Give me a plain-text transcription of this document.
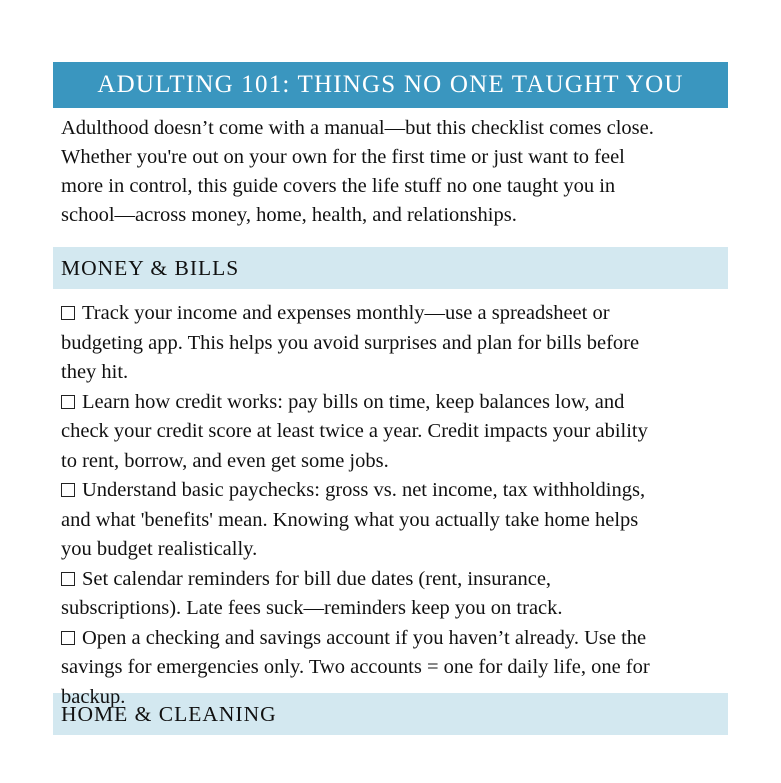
ADULTING 101: THINGS NO ONE TAUGHT YOU
Adulthood doesn’t come with a manual—but this checklist comes close.
Whether you're out on your own for the first time or just want to feel
more in control, this guide covers the life stuff no one taught you in
school—across money, home, health, and relationships.
MONEY & BILLS
Track your income and expenses monthly—use a spreadsheet or
budgeting app. This helps you avoid surprises and plan for bills before
they hit.
Learn how credit works: pay bills on time, keep balances low, and
check your credit score at least twice a year. Credit impacts your ability
to rent, borrow, and even get some jobs.
Understand basic paychecks: gross vs. net income, tax withholdings,
and what 'benefits' mean. Knowing what you actually take home helps
you budget realistically.
Set calendar reminders for bill due dates (rent, insurance,
subscriptions). Late fees suck—reminders keep you on track.
Open a checking and savings account if you haven’t already. Use the
savings for emergencies only. Two accounts = one for daily life, one for
backup.
HOME & CLEANING
